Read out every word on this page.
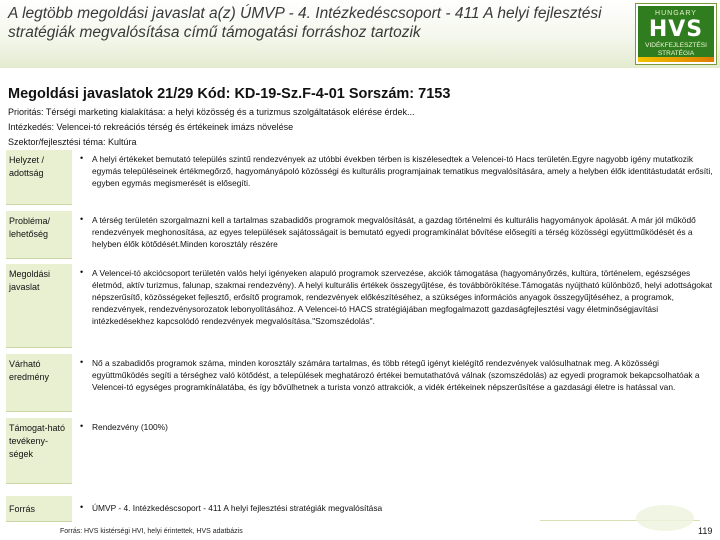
A legtöbb megoldási javaslat a(z) ÚMVP - 4. Intézkedéscsoport - 411 A helyi fejlesztési stratégiák megvalósítása című támogatási forráshoz tartozik
HUNGARY
HVS
VIDÉKFEJLESZTÉSI STRATÉGIA
Megoldási javaslatok 21/29 Kód: KD-19-Sz.F-4-01 Sorszám: 7153
Prioritás: Térségi marketing kialakítása: a helyi közösség és a turizmus szolgáltatások elérése érdek...
Intézkedés: Velencei-tó rekreációs térség és értékeinek imázs növelése
Szektor/fejlesztési téma: Kultúra
Helyzet / adottság
• A helyi értékeket bemutató település szintű rendezvények az utóbbi években térben is kiszélesedtek a Velencei-tó Hacs területén.Egyre nagyobb igény mutatkozik egymás településeinek értékmegőrző, hagyományápoló közösségi és kulturális programjainak tematikus megvalósítására, amely a helyben élők identitástudatát erősíti, egyben egymás megismerését is elősegíti.
Probléma/ lehetőség
• A térség területén szorgalmazni kell a tartalmas szabadidős programok megvalósítását, a gazdag történelmi és kulturális hagyományok ápolását. A már jól működő rendezvények meghonosítása, az egyes települések sajátosságait is bemutató egyedi programkínálat bővítése elősegíti a térség közösségi együttműködését és a helyben élők kötődését.Minden korosztály részére
Megoldási javaslat
• A Velencei-tó akciócsoport területén valós helyi igényeken alapuló programok szervezése, akciók támogatása (hagyományőrzés, kultúra, történelem, egészséges életmód, aktív turizmus, falunap, szakmai rendezvény). A helyi kulturális értékek összegyűjtése, és továbbörökítése.Támogatás nyújtható különböző, helyi adottságokat népszerűsítő, közösségeket fejlesztő, erősítő programok, rendezvények előkészítéséhez, a szükséges információs anyagok összegyűjtéséhez, a programok, rendezvények, rendezvénysorozatok lebonyolításához. A Velencei-tó HACS stratégiájában megfogalmazott gazdaságfejlesztési vagy életminőségjavítási intézkedésekhez kapcsolódó rendezvények megvalósítása."Szomszédolás".
Várható eredmény
• Nő a szabadidős programok száma, minden korosztály számára tartalmas, és több rétegű igényt kielégítő rendezvények valósulhatnak meg. A közösségi együttműködés segíti a térséghez való kötődést, a települések meghatározó értékei bemutathatóvá válnak (szomszédolás) az egyedi programok bekapcsolhatóak a Velencei-tó egységes programkínálatába, és így bővülhetnek a turista vonzó attrakciók, a vidék értékeinek népszerűsítése a gazdasági életre is hatással van.
Támogat-ható tevékeny-ségek
• Rendezvény (100%)
Forrás	• ÚMVP - 4. Intézkedéscsoport - 411 A helyi fejlesztési stratégiák megvalósítása
Forrás: HVS kistérségi HVI, helyi érintettek, HVS adatbázis	119
